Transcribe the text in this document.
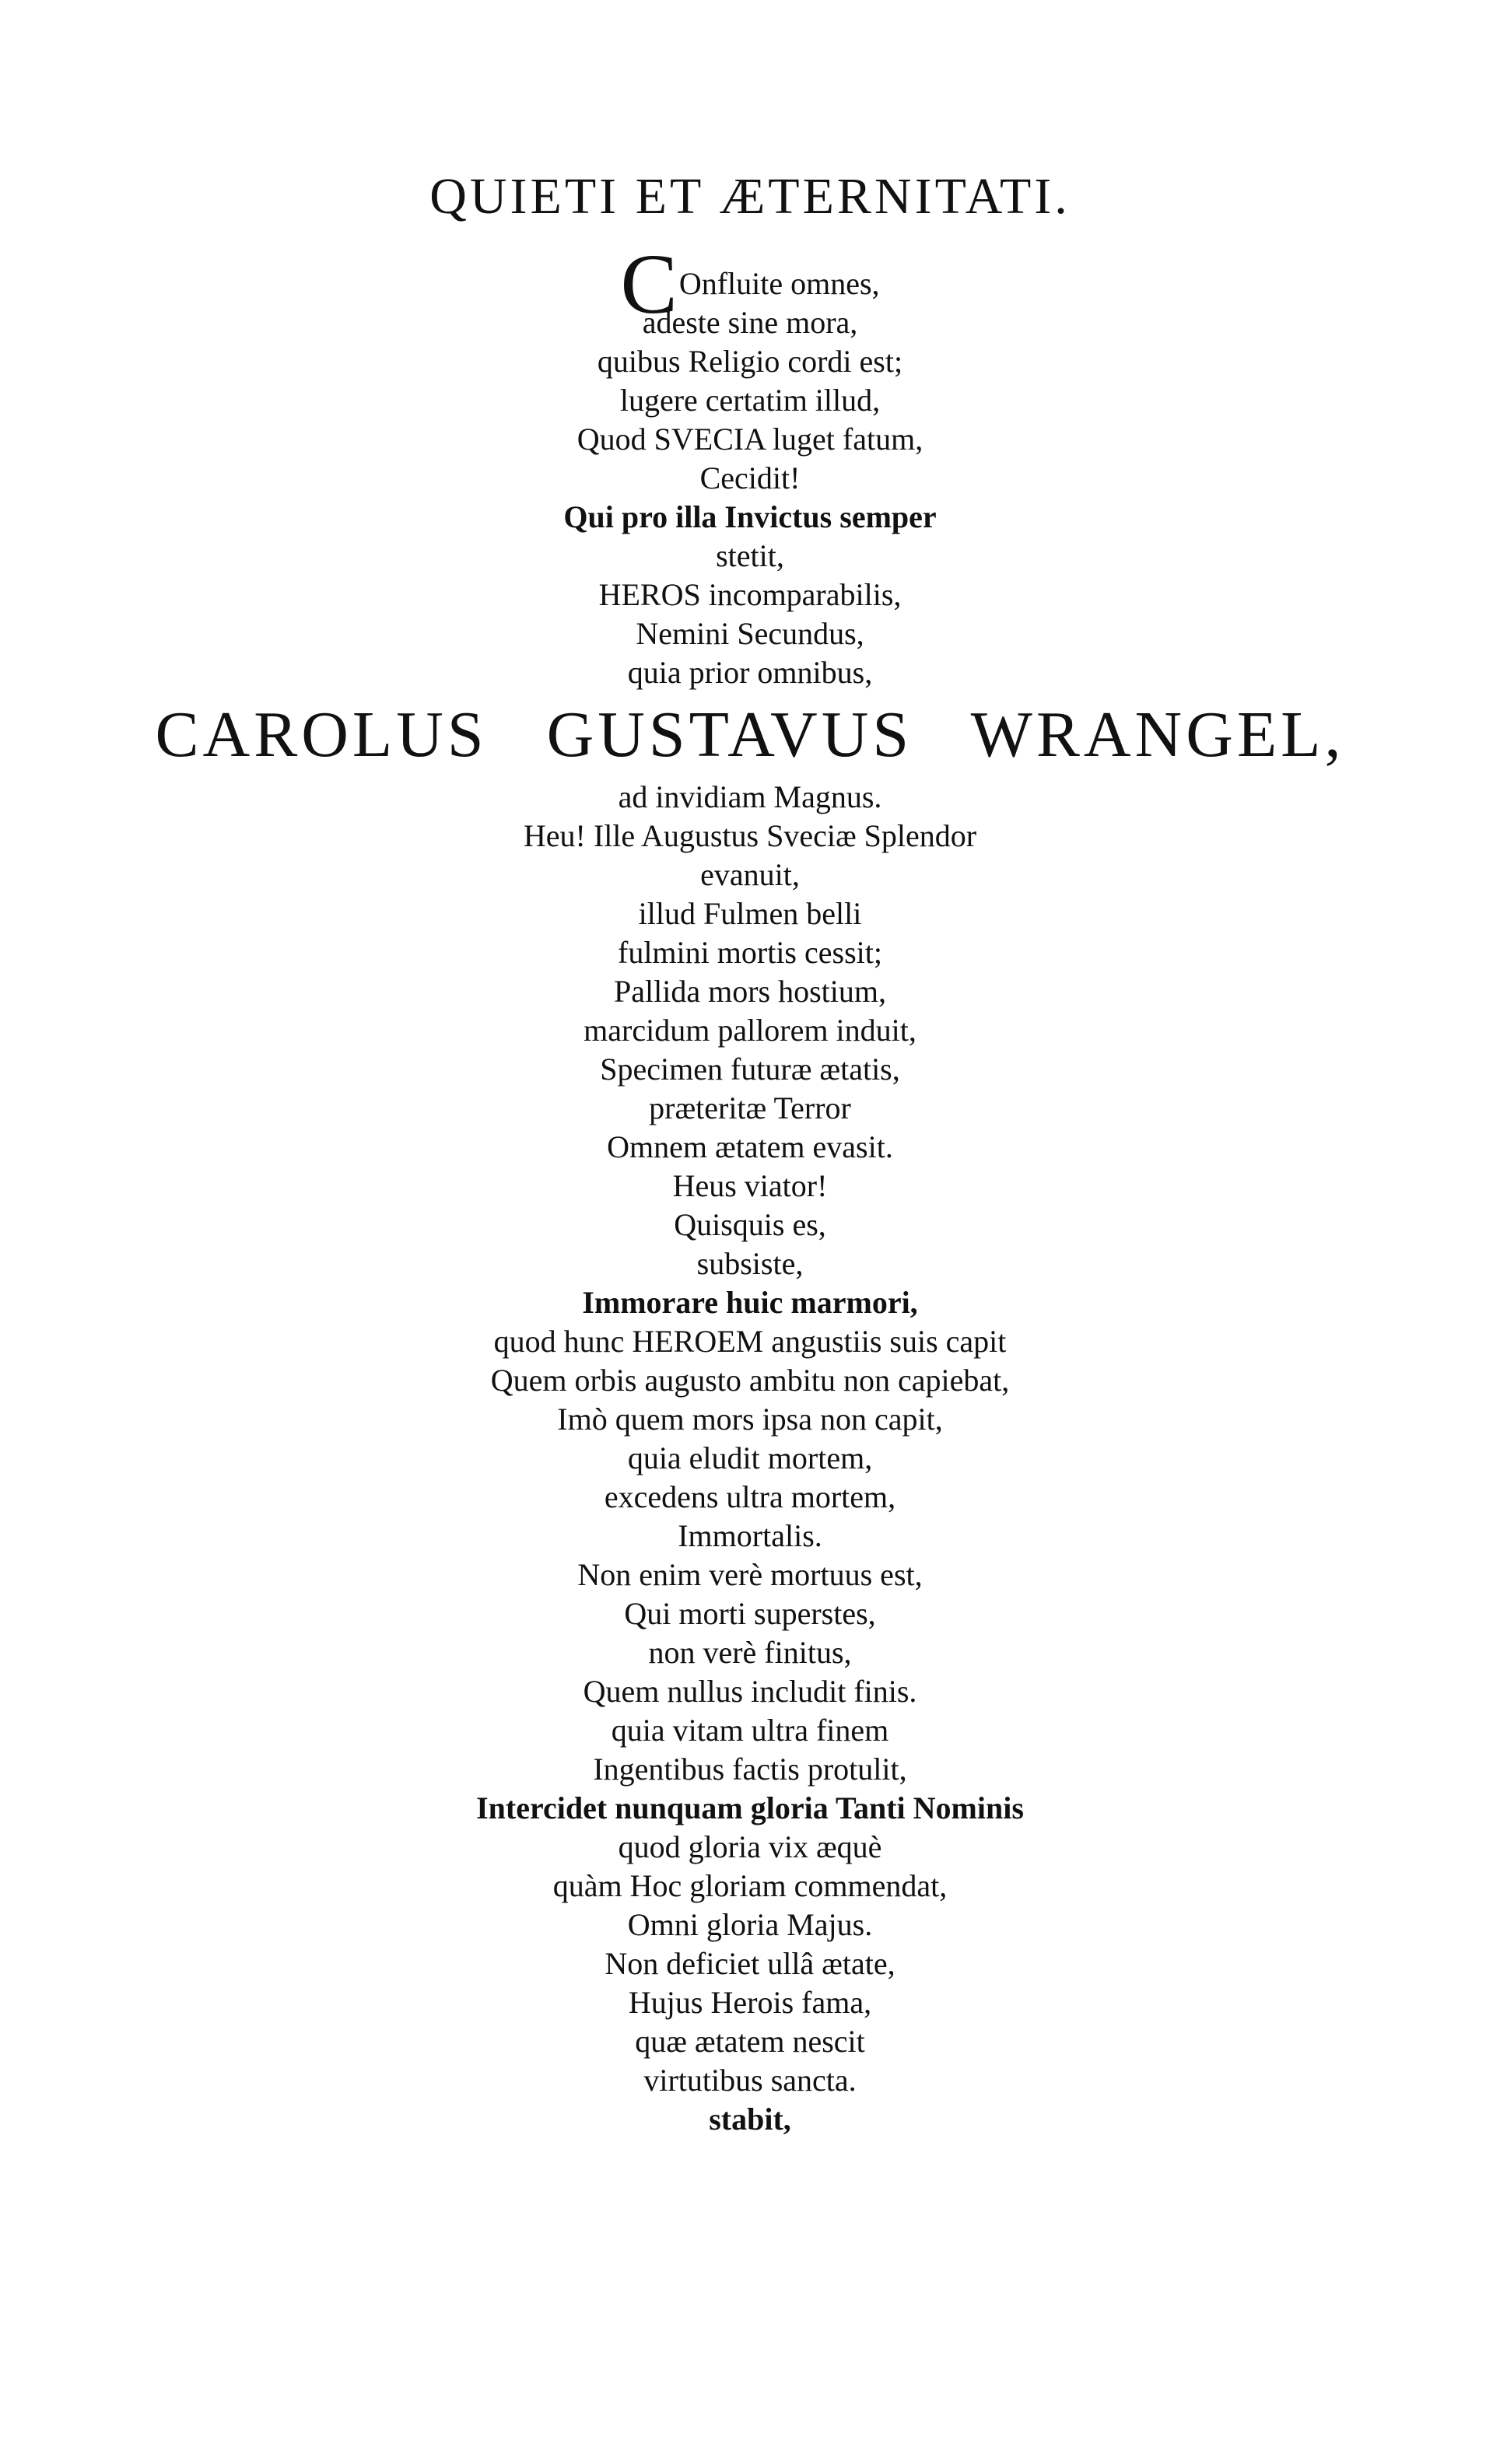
QUIETI ET ÆTERNITATI.
COnfluite omnes,
adeste sine mora,
quibus Religio cordi est;
lugere certatim illud,
Quod SVECIA luget fatum,
Cecidit!
Qui pro illa Invictus semper
stetit,
HEROS incomparabilis,
Nemini Secundus,
quia prior omnibus,
CAROLUS GUSTAVUS WRANGEL,
ad invidiam Magnus.
Heu! Ille Augustus Sveciæ Splendor
evanuit,
illud Fulmen belli
fulmini mortis cessit;
Pallida mors hostium,
marcidum pallorem induit,
Specimen futuræ ætatis,
præteritæ Terror
Omnem ætatem evasit.
Heus viator!
Quisquis es,
subsiste,
Immorare huic marmori,
quod hunc HEROEM angustiis suis capit
Quem orbis augusto ambitu non capiebat,
Imò quem mors ipsa non capit,
quia eludit mortem,
excedens ultra mortem,
Immortalis.
Non enim verè mortuus est,
Qui morti superstes,
non verè finitus,
Quem nullus includit finis.
quia vitam ultra finem
Ingentibus factis protulit,
Intercidet nunquam gloria Tanti Nominis
quod gloria vix æquè
quàm Hoc gloriam commendat,
Omni gloria Majus.
Non deficiet ullâ ætate,
Hujus Herois fama,
quæ ætatem nescit
virtutibus sancta.
stabit,
